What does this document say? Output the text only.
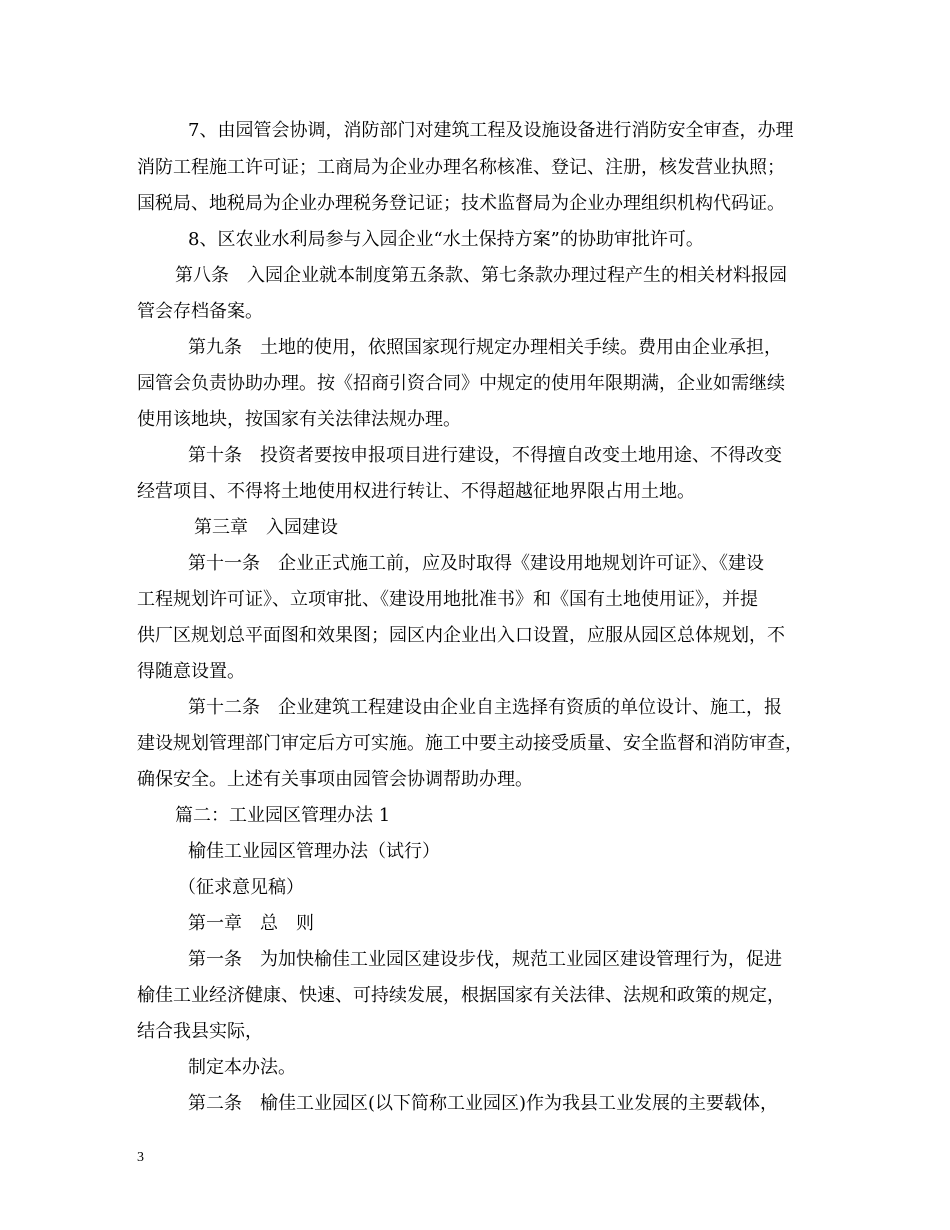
7、由园管会协调，消防部门对建筑工程及设施设备进行消防安全审查，办理
消防工程施工许可证；工商局为企业办理名称核准、登记、注册，核发营业执照；
国税局、地税局为企业办理税务登记证；技术监督局为企业办理组织机构代码证。
8、区农业水利局参与入园企业“水土保持方案”的协助审批许可。
第八条　入园企业就本制度第五条款、第七条款办理过程产生的相关材料报园
管会存档备案。
第九条　土地的使用，依照国家现行规定办理相关手续。费用由企业承担，
园管会负责协助办理。按《招商引资合同》中规定的使用年限期满，企业如需继续
使用该地块，按国家有关法律法规办理。
第十条　投资者要按申报项目进行建设，不得擅自改变土地用途、不得改变
经营项目、不得将土地使用权进行转让、不得超越征地界限占用土地。
第三章　入园建设
第十一条　企业正式施工前，应及时取得《建设用地规划许可证》、《建设
工程规划许可证》、立项审批、《建设用地批准书》和《国有土地使用证》，并提
供厂区规划总平面图和效果图；园区内企业出入口设置，应服从园区总体规划，不
得随意设置。
第十二条　企业建筑工程建设由企业自主选择有资质的单位设计、施工，报
建设规划管理部门审定后方可实施。施工中要主动接受质量、安全监督和消防审查，
确保安全。上述有关事项由园管会协调帮助办理。
篇二：工业园区管理办法 1
榆佳工业园区管理办法（试行）
（征求意见稿）
第一章　总　则
第一条　为加快榆佳工业园区建设步伐，规范工业园区建设管理行为，促进
榆佳工业经济健康、快速、可持续发展，根据国家有关法律、法规和政策的规定，
结合我县实际，
制定本办法。
第二条　榆佳工业园区(以下简称工业园区)作为我县工业发展的主要载体，
3
